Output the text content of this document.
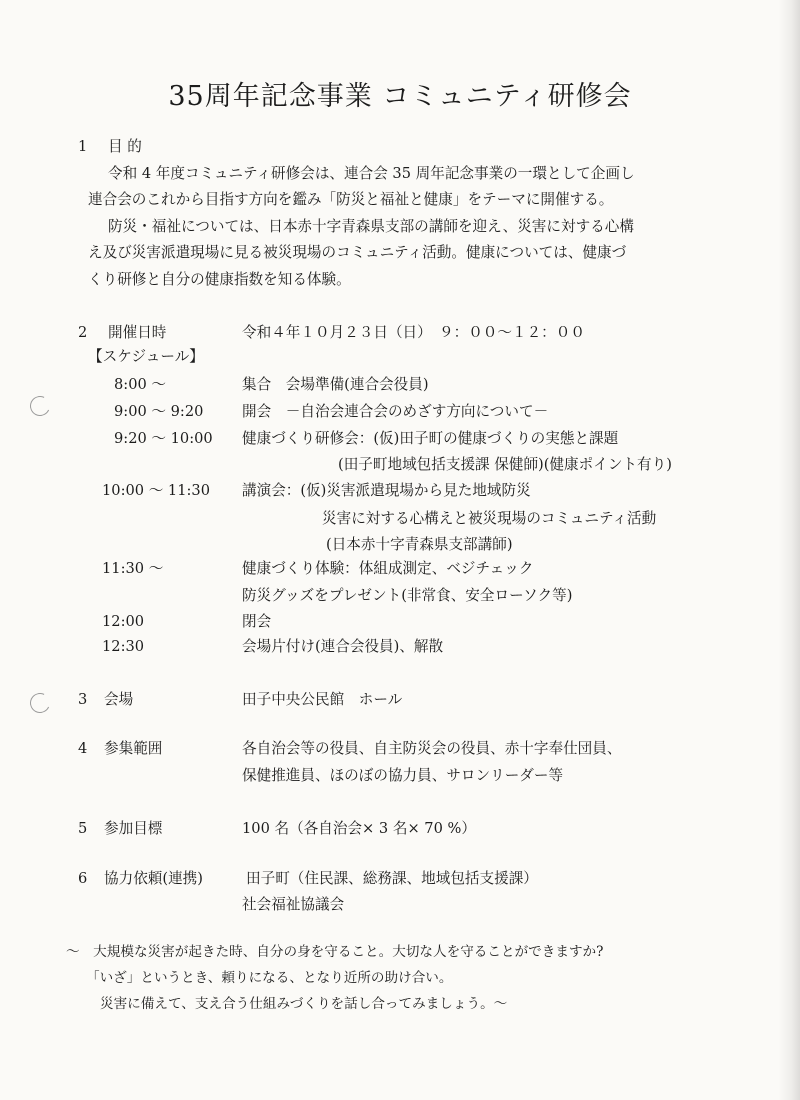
35周年記念事業 コミュニティ研修会
1 目 的
令和 4 年度コミュニティ研修会は、連合会 35 周年記念事業の一環として企画し
連合会のこれから目指す方向を鑑み「防災と福祉と健康」をテーマに開催する。
防災・福祉については、日本赤十字青森県支部の講師を迎え、災害に対する心構
え及び災害派遣現場に見る被災現場のコミュニティ活動。健康については、健康づ
くり研修と自分の健康指数を知る体験。
2 開催日時	令和４年１０月２３日（日）　９：００～１２：００
【スケジュール】
8:00 ～	集合　会場準備(連合会役員)
9:00 ～ 9:20	開会　－自治会連合会のめざす方向について－
9:20 ～ 10:00 健康づくり研修会：(仮)田子町の健康づくりの実態と課題
(田子町地域包括支援課 保健師)(健康ポイント有り)
10:00 ～ 11:30 講演会：(仮)災害派遣現場から見た地域防災
災害に対する心構えと被災現場のコミュニティ活動
(日本赤十字青森県支部講師)
11:30 ～	健康づくり体験：体組成測定、ベジチェック
防災グッズをプレゼント(非常食、安全ローソク等)
12:00	閉会
12:30	会場片付け(連合会役員)、解散
3 会場	田子中央公民館　ホール
4 参集範囲	各自治会等の役員、自主防災会の役員、赤十字奉仕団員、
保健推進員、ほのぼの協力員、サロンリーダー等
5 参加目標	100 名（各自治会× 3 名× 70 %）
6 協力依頼(連携)	田子町（住民課、総務課、地域包括支援課）
社会福祉協議会
～　大規模な災害が起きた時、自分の身を守ること。大切な人を守ることができますか?
「いざ」というとき、頼りになる、となり近所の助け合い。
災害に備えて、支え合う仕組みづくりを話し合ってみましょう。～
